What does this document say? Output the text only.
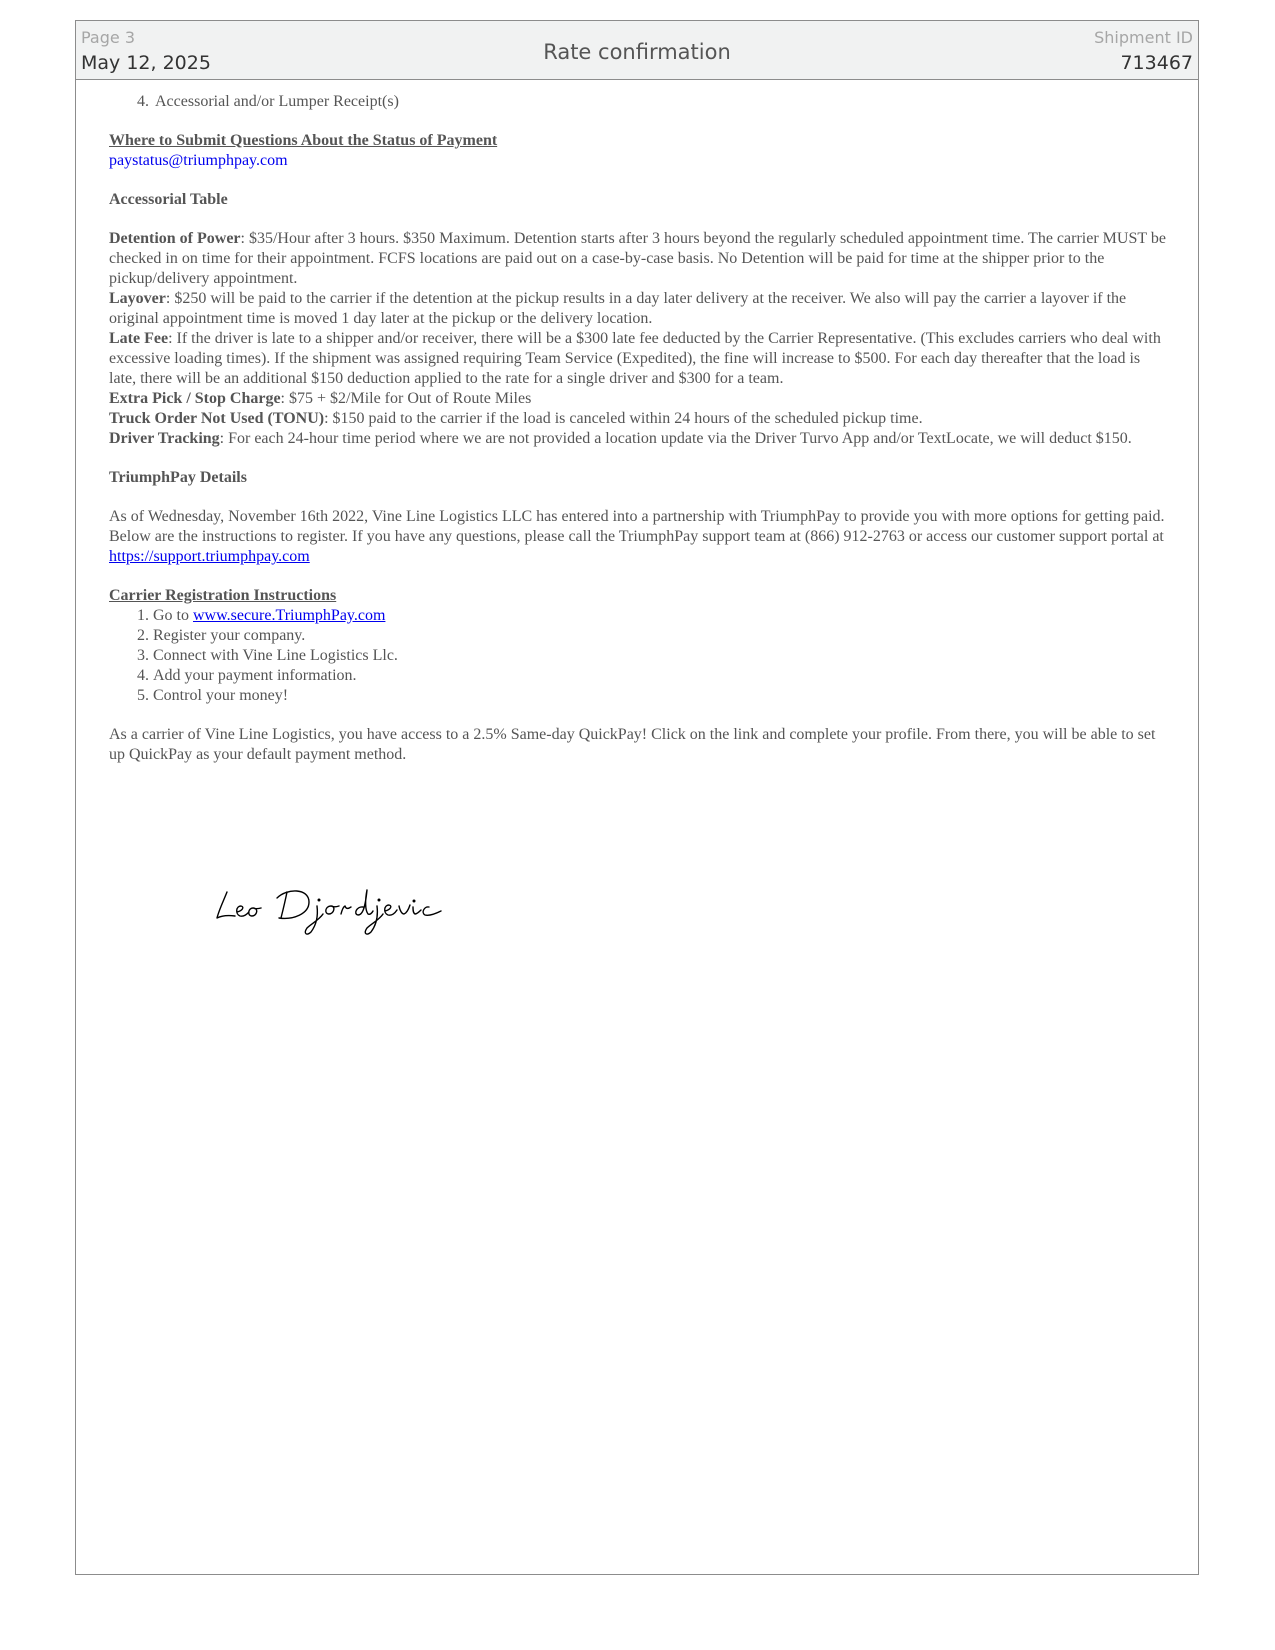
Page 3
May 12, 2025	Rate confirmation
Shipment ID
713467
4. Accessorial and/or Lumper Receipt(s)

Where to Submit Questions About the Status of Payment

paystatus@triumphpay.com

Accessorial Table

Detention of Power: $35/Hour after 3 hours. $350 Maximum. Detention starts after 3 hours beyond the regularly scheduled appointment time. The carrier MUST be checked in on time for their appointment. FCFS locations are paid out on a case-by-case basis. No Detention will be paid for time at the shipper prior to the pickup/delivery appointment.

Layover: $250 will be paid to the carrier if the detention at the pickup results in a day later delivery at the receiver. We also will pay the carrier a layover if the original appointment time is moved 1 day later at the pickup or the delivery location.

Late Fee: If the driver is late to a shipper and/or receiver, there will be a $300 late fee deducted by the Carrier Representative. (This excludes carriers who deal with excessive loading times). If the shipment was assigned requiring Team Service (Expedited), the fine will increase to $500. For each day thereafter that the load is late, there will be an additional $150 deduction applied to the rate for a single driver and $300 for a team.

Extra Pick / Stop Charge: $75 + $2/Mile for Out of Route Miles

Truck Order Not Used (TONU): $150 paid to the carrier if the load is canceled within 24 hours of the scheduled pickup time.

Driver Tracking: For each 24-hour time period where we are not provided a location update via the Driver Turvo App and/or TextLocate, we will deduct $150.

TriumphPay Details

As of Wednesday, November 16th 2022, Vine Line Logistics LLC has entered into a partnership with TriumphPay to provide you with more options for getting paid. Below are the instructions to register. If you have any questions, please call the TriumphPay support team at (866) 912-2763 or access our customer support portal at https://support.triumphpay.com

Carrier Registration Instructions

1. Go to www.secure.TriumphPay.com
2. Register your company.
3. Connect with Vine Line Logistics Llc.
4. Add your payment information.
5. Control your money!

As a carrier of Vine Line Logistics, you have access to a 2.5% Same-day QuickPay! Click on the link and complete your profile. From there, you will be able to set up QuickPay as your default payment method.
